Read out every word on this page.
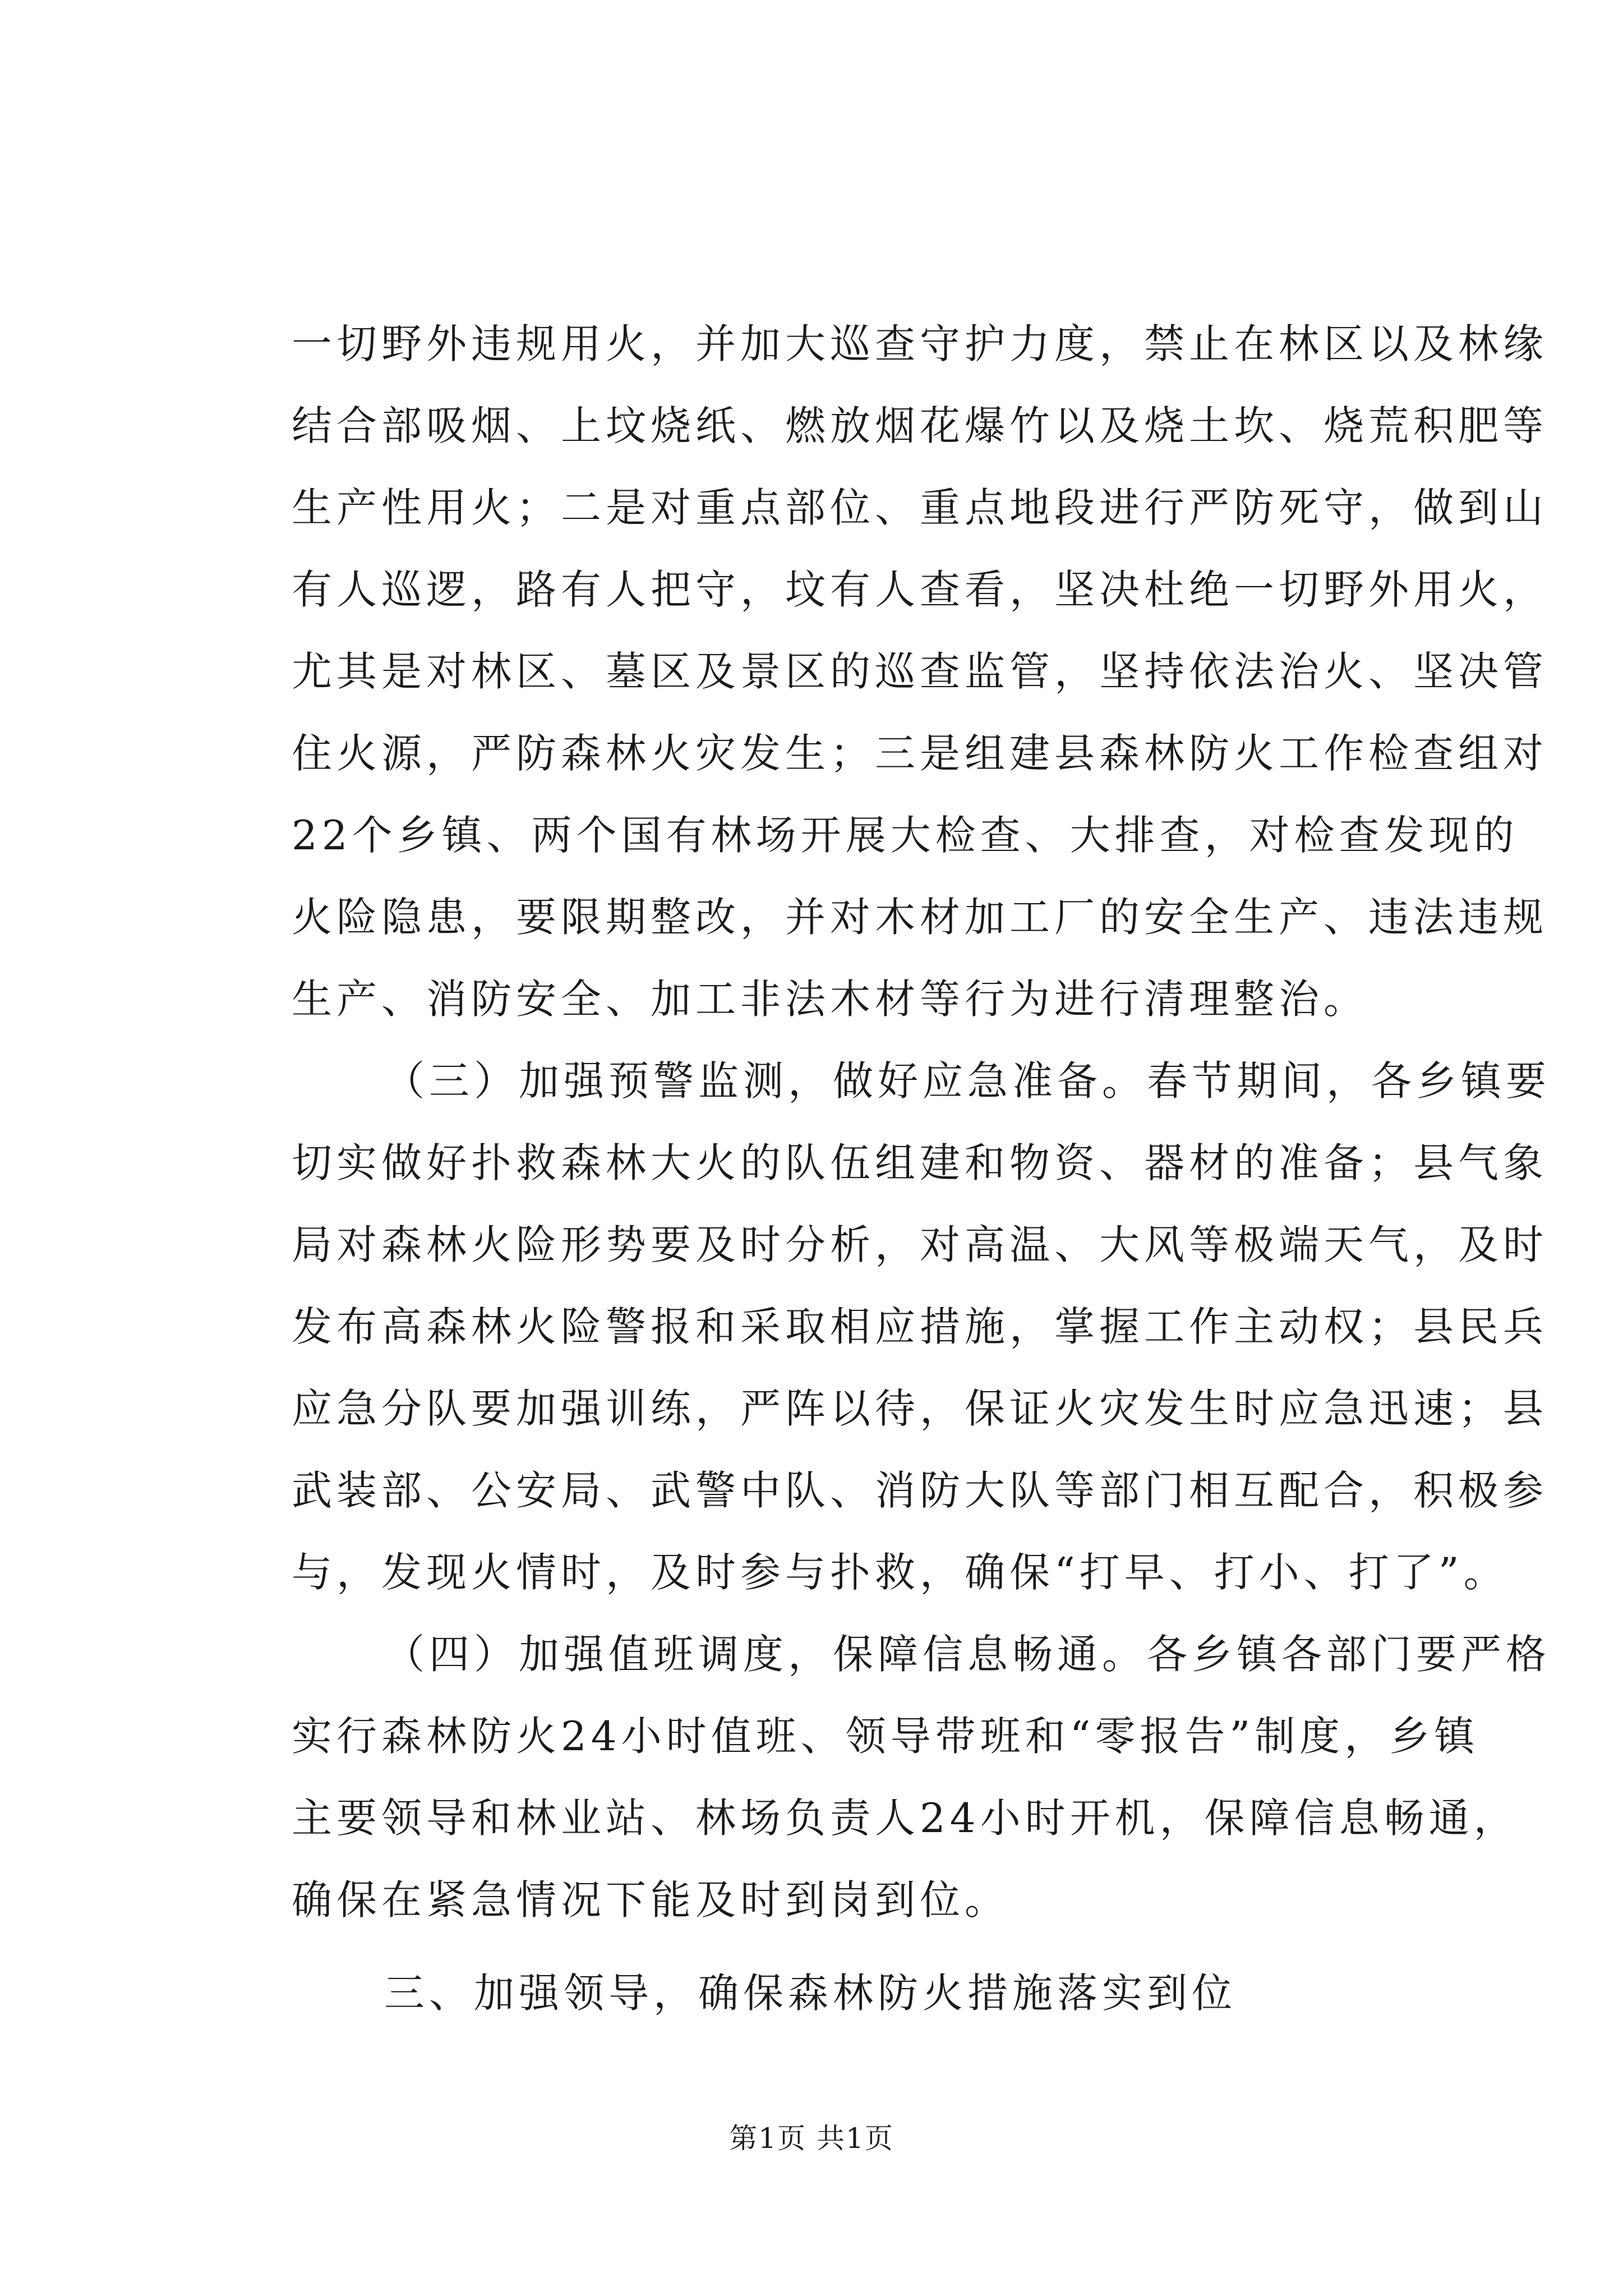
一切野外违规用火，并加大巡查守护力度，禁止在林区以及林缘
结合部吸烟、上坟烧纸、燃放烟花爆竹以及烧土坎、烧荒积肥等
生产性用火；二是对重点部位、重点地段进行严防死守，做到山
有人巡逻，路有人把守，坟有人查看，坚决杜绝一切野外用火，
尤其是对林区、墓区及景区的巡查监管，坚持依法治火、坚决管
住火源，严防森林火灾发生；三是组建县森林防火工作检查组对
22个乡镇、两个国有林场开展大检查、大排查，对检查发现的
火险隐患，要限期整改，并对木材加工厂的安全生产、违法违规
生产、消防安全、加工非法木材等行为进行清理整治。
（三）加强预警监测，做好应急准备。春节期间，各乡镇要
切实做好扑救森林大火的队伍组建和物资、器材的准备；县气象
局对森林火险形势要及时分析，对高温、大风等极端天气，及时
发布高森林火险警报和采取相应措施，掌握工作主动权；县民兵
应急分队要加强训练，严阵以待，保证火灾发生时应急迅速；县
武装部、公安局、武警中队、消防大队等部门相互配合，积极参
与，发现火情时，及时参与扑救，确保“打早、打小、打了”。
（四）加强值班调度，保障信息畅通。各乡镇各部门要严格
实行森林防火24小时值班、领导带班和“零报告”制度，乡镇
主要领导和林业站、林场负责人24小时开机，保障信息畅通，
确保在紧急情况下能及时到岗到位。
三、加强领导，确保森林防火措施落实到位
第1页 共1页
